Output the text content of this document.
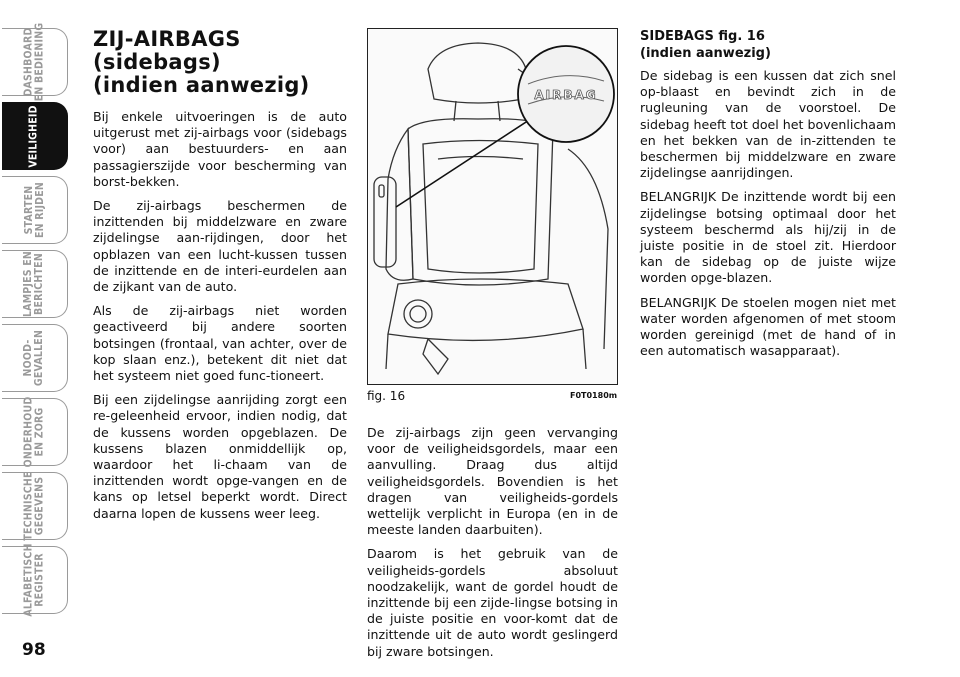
DASHBOARD
EN BEDIENING
VEILIGHEID
STARTEN
EN RIJDEN
LAMPJES EN
BERICHTEN
NOOD-
GEVALLEN
ONDERHOUD
EN ZORG
TECHNISCHE
GEGEVENS
ALFABETISCH
REGISTER
98
ZIJ-AIRBAGS
(sidebags)
(indien aanwezig)

Bij enkele uitvoeringen is de auto uitgerust met zij-airbags voor (sidebags voor) aan bestuurders- en aan passagierszijde voor bescherming van borst-bekken.

De zij-airbags beschermen de inzittenden bij middelzware en zware zijdelingse aan-rijdingen, door het opblazen van een lucht-kussen tussen de inzittende en de interi-eurdelen aan de zijkant van de auto.

Als de zij-airbags niet worden geactiveerd bij andere soorten botsingen (frontaal, van achter, over de kop slaan enz.), betekent dit niet dat het systeem niet goed func-tioneert.

Bij een zijdelingse aanrijding zorgt een re-geleenheid ervoor, indien nodig, dat de kussens worden opgeblazen. De kussens blazen onmiddellijk op, waardoor het li-chaam van de inzittenden wordt opge-vangen en de kans op letsel beperkt wordt. Direct daarna lopen de kussens weer leeg.

AIRBAG
fig. 16	F0T0180m

De zij-airbags zijn geen vervanging voor de veiligheidsgordels, maar een aanvulling. Draag dus altijd veiligheidsgordels. Bovendien is het dragen van veiligheids-gordels wettelijk verplicht in Europa (en in de meeste landen daarbuiten).

Daarom is het gebruik van de veiligheids-gordels absoluut noodzakelijk, want de gordel houdt de inzittende bij een zijde-lingse botsing in de juiste positie en voor-komt dat de inzittende uit de auto wordt geslingerd bij zware botsingen.

SIDEBAGS fig. 16
(indien aanwezig)

De sidebag is een kussen dat zich snel op-blaast en bevindt zich in de rugleuning van de voorstoel. De sidebag heeft tot doel het bovenlichaam en het bekken van de in-zittenden te beschermen bij middelzware en zware zijdelingse aanrijdingen.

BELANGRIJK De inzittende wordt bij een zijdelingse botsing optimaal door het systeem beschermd als hij/zij in de juiste positie in de stoel zit. Hierdoor kan de sidebag op de juiste wijze worden opge-blazen.

BELANGRIJK De stoelen mogen niet met water worden afgenomen of met stoom worden gereinigd (met de hand of in een automatisch wasapparaat).
